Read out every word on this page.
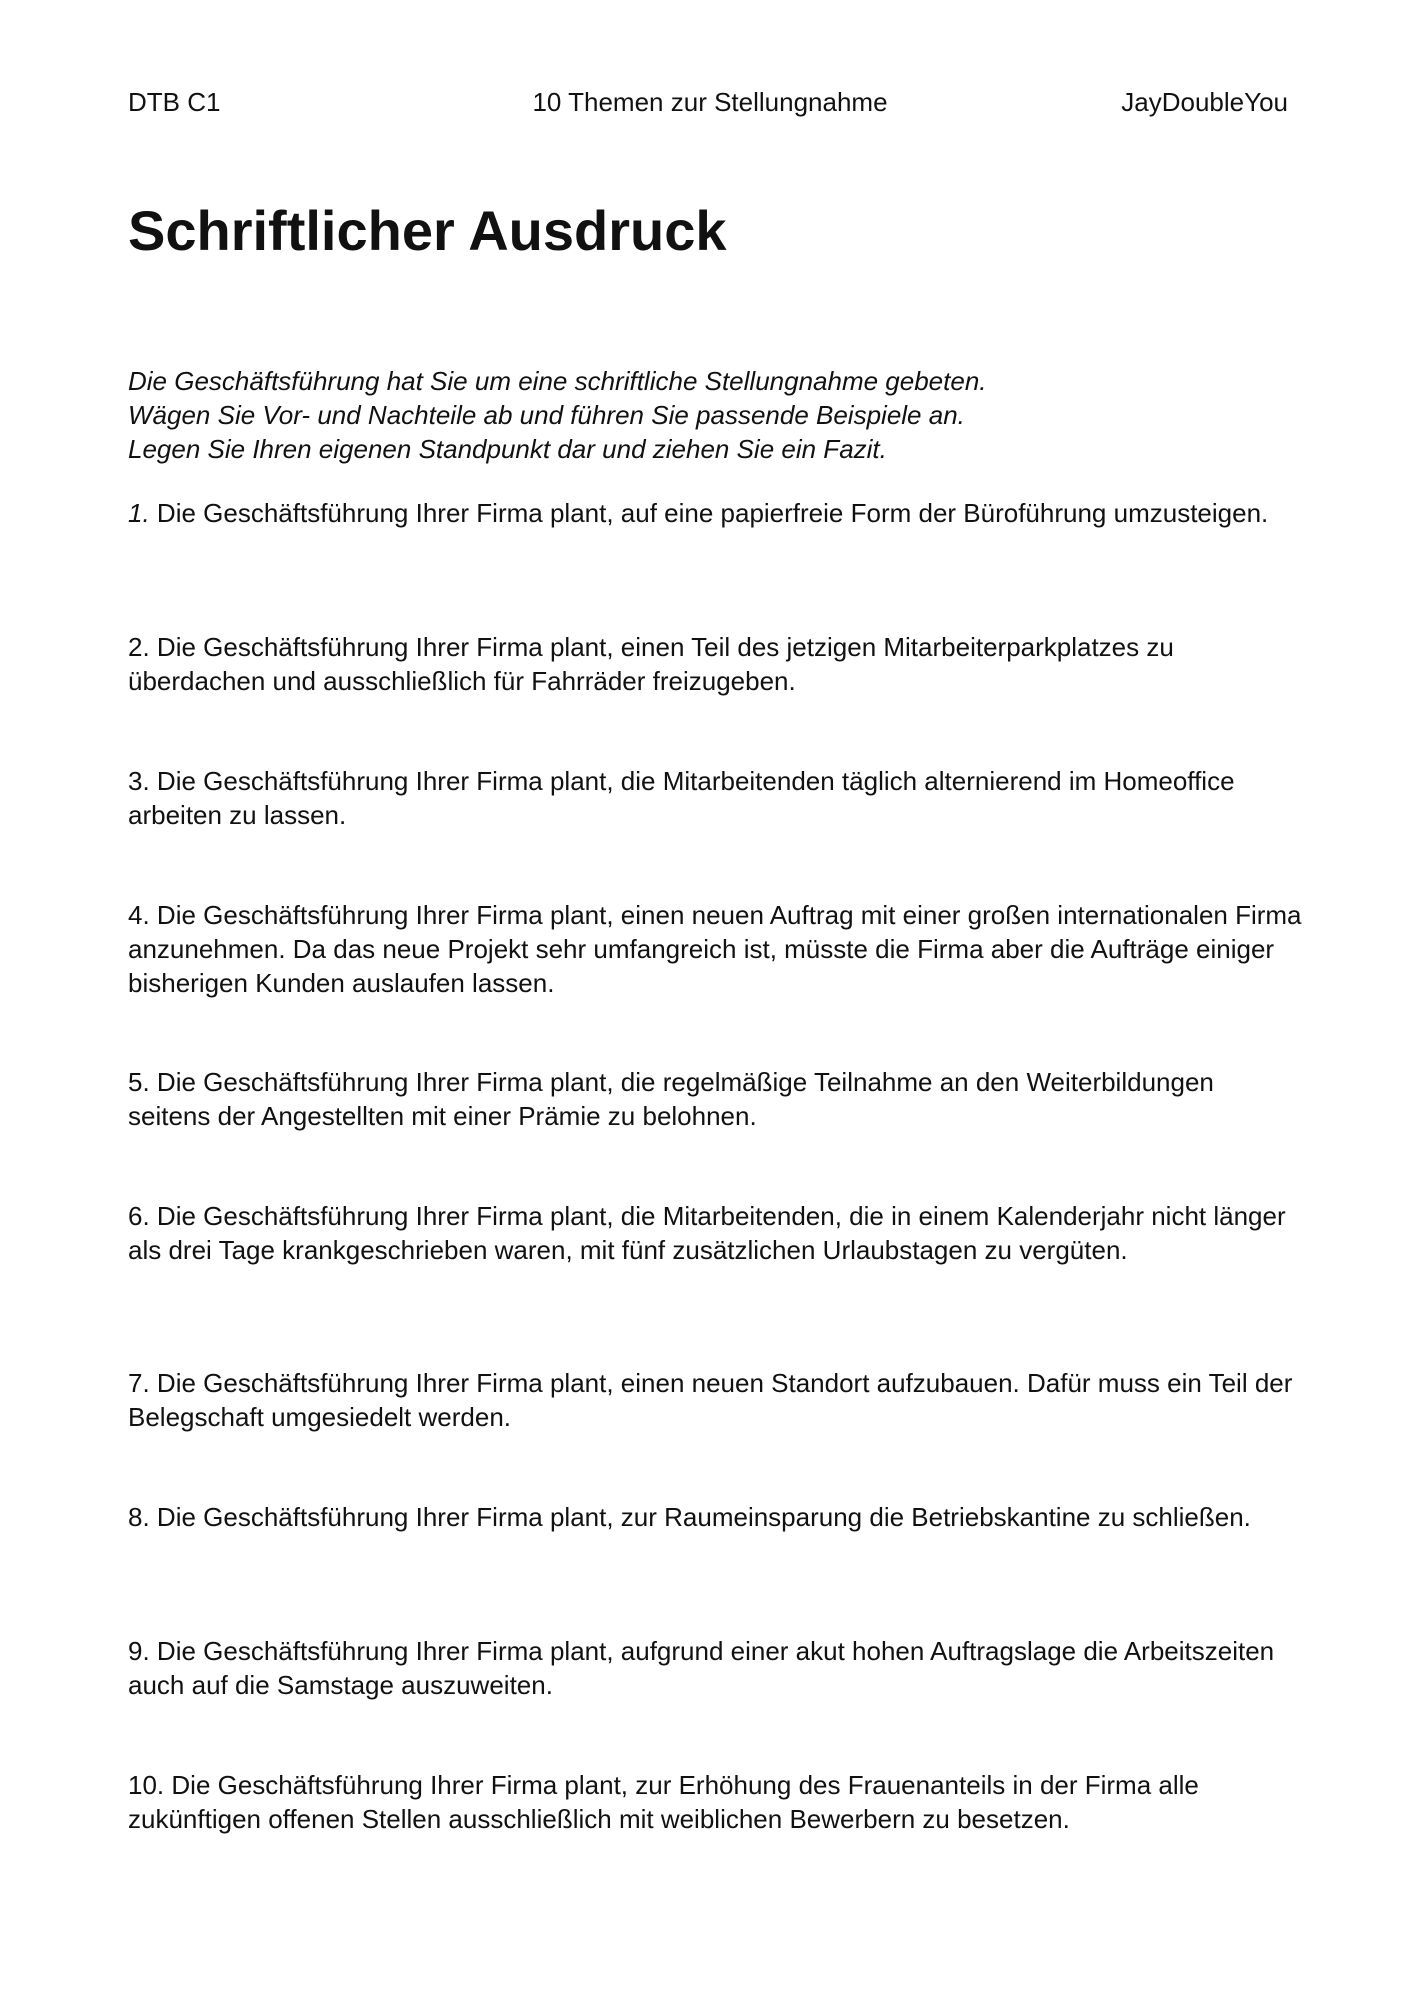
DTB C1	10 Themen zur Stellungnahme	JayDoubleYou
Schriftlicher Ausdruck
Die Geschäftsführung hat Sie um eine schriftliche Stellungnahme gebeten.
Wägen Sie Vor- und Nachteile ab und führen Sie passende Beispiele an.
Legen Sie Ihren eigenen Standpunkt dar und ziehen Sie ein Fazit.

1. Die Geschäftsführung Ihrer Firma plant, auf eine papierfreie Form der Büroführung umzusteigen.

2. Die Geschäftsführung Ihrer Firma plant, einen Teil des jetzigen Mitarbeiterparkplatzes zu überdachen und ausschließlich für Fahrräder freizugeben.

3. Die Geschäftsführung Ihrer Firma plant, die Mitarbeitenden täglich alternierend im Homeoffice arbeiten zu lassen.

4. Die Geschäftsführung Ihrer Firma plant, einen neuen Auftrag mit einer großen internationalen Firma anzunehmen. Da das neue Projekt sehr umfangreich ist, müsste die Firma aber die Aufträge einiger bisherigen Kunden auslaufen lassen.

5. Die Geschäftsführung Ihrer Firma plant, die regelmäßige Teilnahme an den Weiterbildungen seitens der Angestellten mit einer Prämie zu belohnen.

6. Die Geschäftsführung Ihrer Firma plant, die Mitarbeitenden, die in einem Kalenderjahr nicht länger als drei Tage krankgeschrieben waren, mit fünf zusätzlichen Urlaubstagen zu vergüten.

7. Die Geschäftsführung Ihrer Firma plant, einen neuen Standort aufzubauen. Dafür muss ein Teil der Belegschaft umgesiedelt werden.

8. Die Geschäftsführung Ihrer Firma plant, zur Raumeinsparung die Betriebskantine zu schließen.

9. Die Geschäftsführung Ihrer Firma plant, aufgrund einer akut hohen Auftragslage die Arbeitszeiten auch auf die Samstage auszuweiten.

10. Die Geschäftsführung Ihrer Firma plant, zur Erhöhung des Frauenanteils in der Firma alle zukünftigen offenen Stellen ausschließlich mit weiblichen Bewerbern zu besetzen.
